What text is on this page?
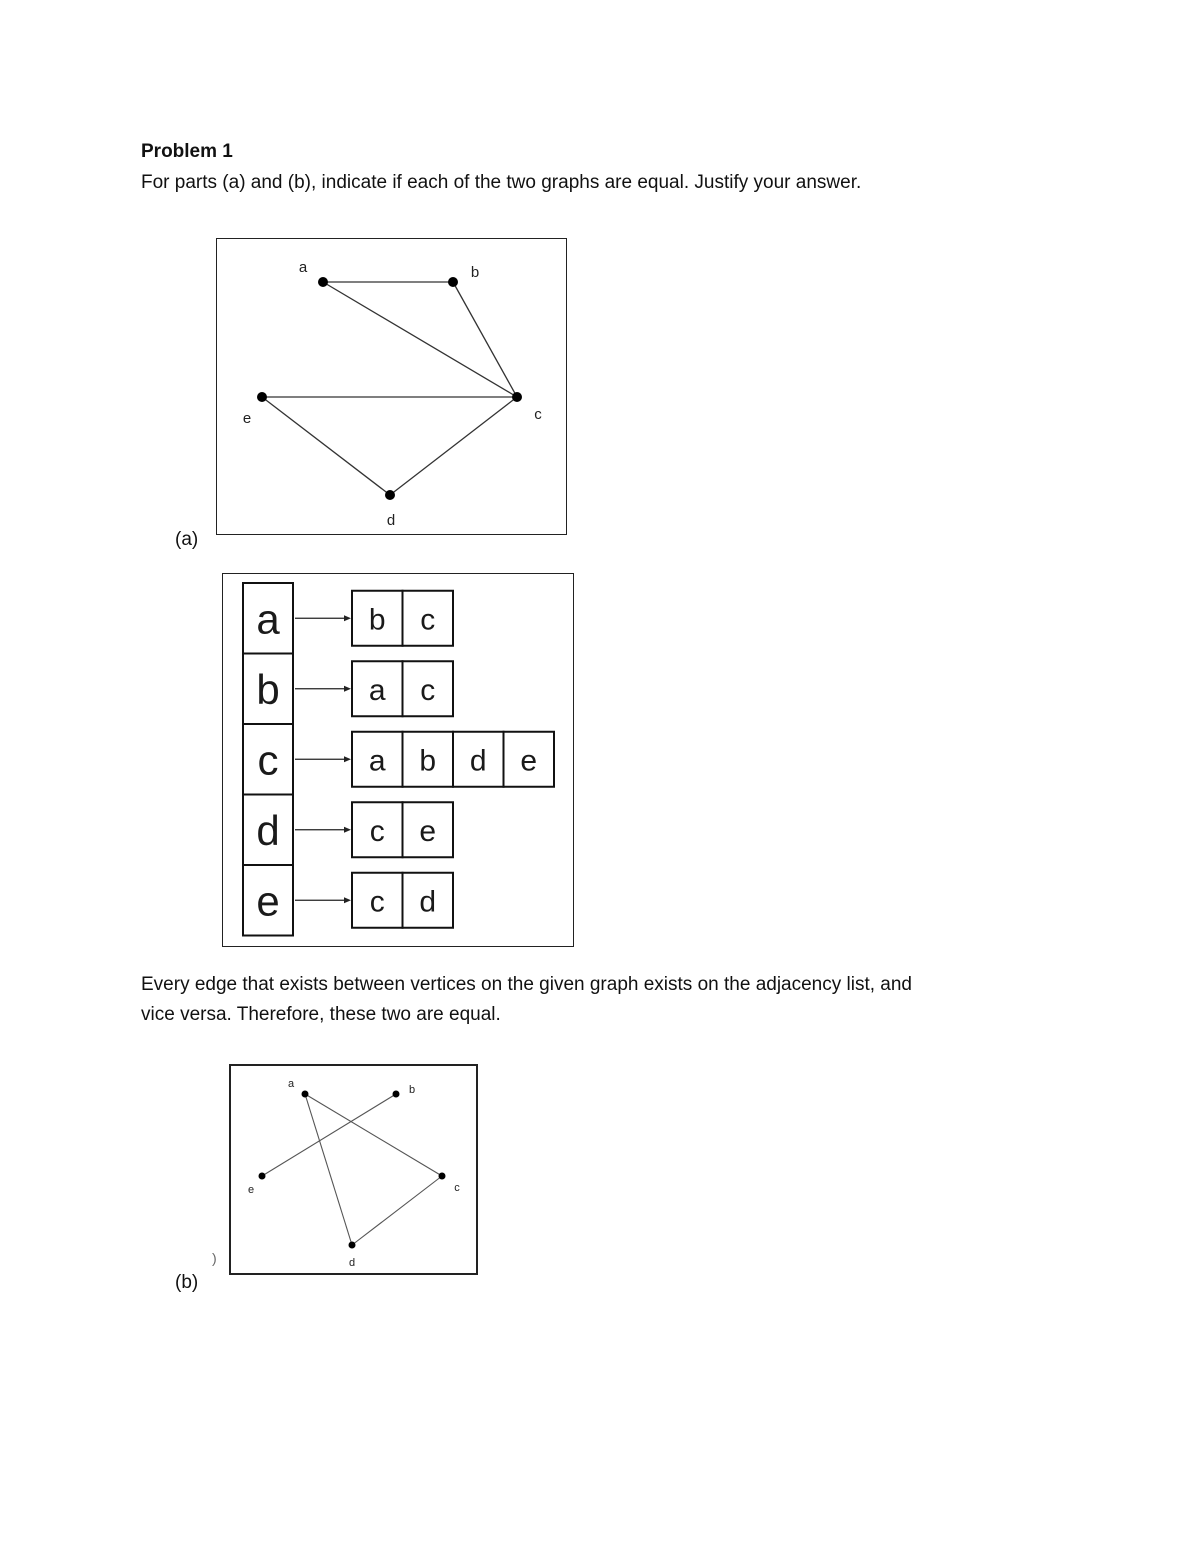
Problem 1
For parts (a) and (b), indicate if each of the two graphs are equal. Justify your answer.
a	b
c
d
e
(a)
a	b c
b	a c
c	a b d e
d	c e
e	c d
Every edge that exists between vertices on the given graph exists on the adjacency list, and
vice versa. Therefore, these two are equal.
a	b
c
d
e
)
(b)
